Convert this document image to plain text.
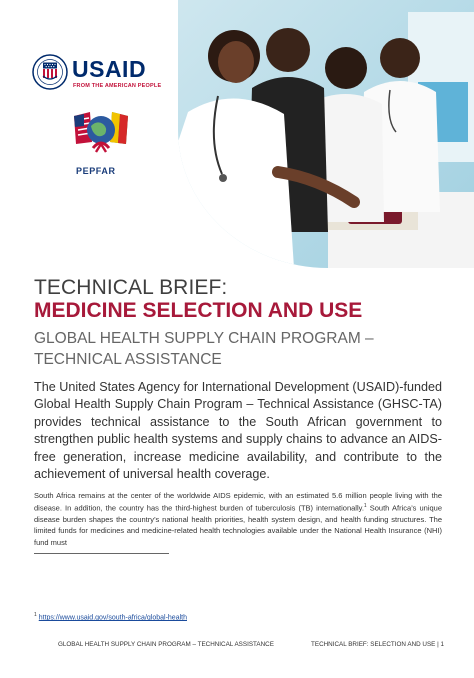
USAID
FROM THE AMERICAN PEOPLE
PEPFAR
TECHNICAL BRIEF:
MEDICINE SELECTION AND USE
GLOBAL HEALTH SUPPLY CHAIN PROGRAM – TECHNICAL ASSISTANCE
The United States Agency for International Development (USAID)-funded Global Health Supply Chain Program – Technical Assistance (GHSC-TA) provides technical assistance to the South African government to strengthen public health systems and supply chains to advance an AIDS-free generation, increase medicine availability, and contribute to the achievement of universal health coverage.
South Africa remains at the center of the worldwide AIDS epidemic, with an estimated 5.6 million people living with the disease. In addition, the country has the third-highest burden of tuberculosis (TB) internationally.$^1$ South Africa’s unique disease burden shapes the country’s national health priorities, health system design, and health funding structures. The limited funds for medicines and medicine-related health technologies available under the National Health Insurance (NHI) fund must
$^1$ https://www.usaid.gov/south-africa/global-health
GLOBAL HEALTH SUPPLY CHAIN PROGRAM – TECHNICAL ASSISTANCE	TECHNICAL BRIEF: SELECTION AND USE | 1
